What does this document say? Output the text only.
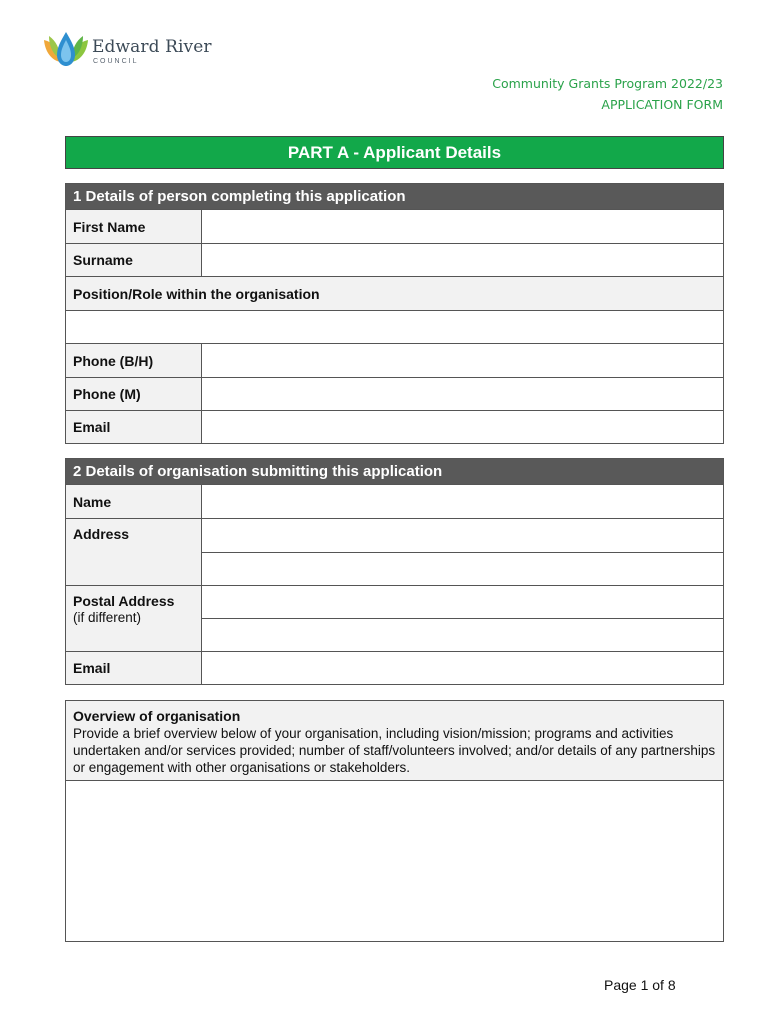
Edward River
COUNCIL
Community Grants Program 2022/23
APPLICATION FORM
PART A - Applicant Details
1 Details of person completing this application
First Name
Surname
Position/Role within the organisation
Phone (B/H)
Phone (M)
Email
2 Details of organisation submitting this application
Name
Address
Postal Address
(if different)
Email
Overview of organisation
Provide a brief overview below of your organisation, including vision/mission; programs and activities undertaken and/or services provided; number of staff/volunteers involved; and/or details of any partnerships or engagement with other organisations or stakeholders.
Page 1 of 8
